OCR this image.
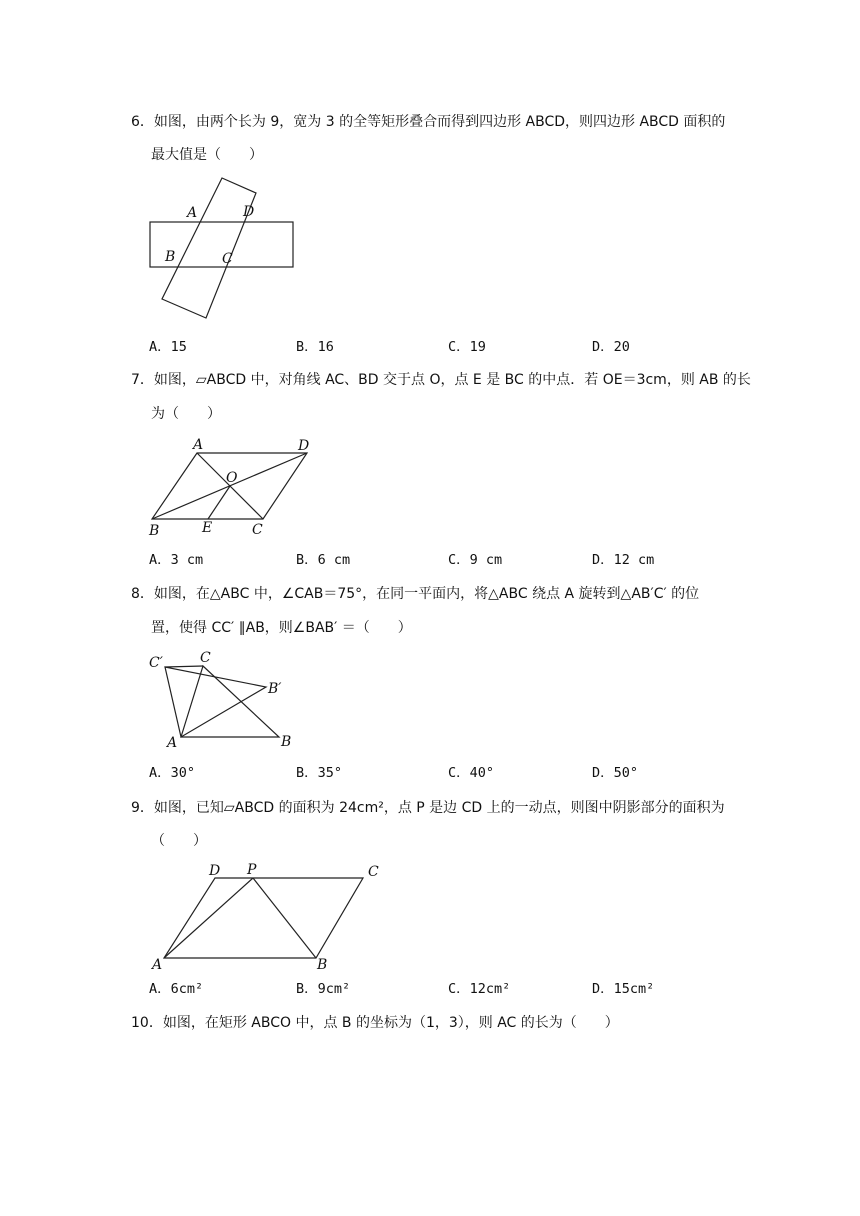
6．如图，由两个长为 9，宽为 3 的全等矩形叠合而得到四边形 ABCD，则四边形 ABCD 面积的
最大值是（　　）
A	D
B	C
A．15	B．16	C．19	D．20
7．如图，▱ABCD 中，对角线 AC、BD 交于点 O，点 E 是 BC 的中点．若 OE＝3cm，则 AB 的长
为（　　）
A	D
O
B	E	C
A．3 cm	B．6 cm	C．9 cm	D．12 cm
8．如图，在△ABC 中，∠CAB＝75°，在同一平面内，将△ABC 绕点 A 旋转到△AB′C′ 的位
置，使得 CC′ ∥AB，则∠BAB′ ＝（　　）
C′	C
B′
A	B
A．30°	B．35°	C．40°	D．50°
9．如图，已知▱ABCD 的面积为 24cm²，点 P 是边 CD 上的一动点，则图中阴影部分的面积为
（　　）
D P	C
A	B
A．6cm²	B．9cm²	C．12cm²	D．15cm²
10．如图，在矩形 ABCO 中，点 B 的坐标为（1，3），则 AC 的长为（　　）
